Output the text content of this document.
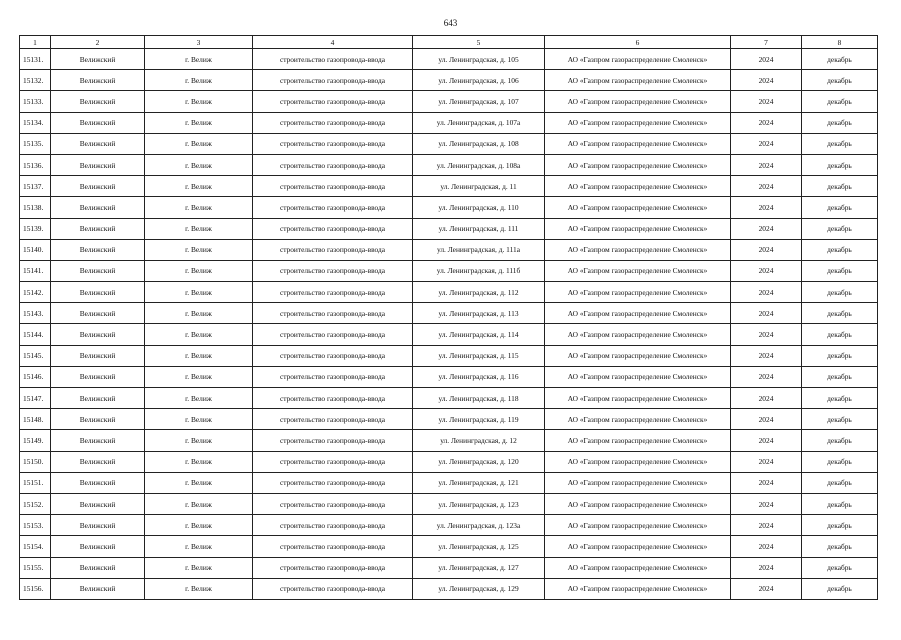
643
1	2	3	4	5	6	7	8
15131.	Велижский	г. Велиж	строительство газопровода-ввода	ул. Ленинградская, д. 105	АО «Газпром газораспределение Смоленск»	2024	декабрь
15132.	Велижский	г. Велиж	строительство газопровода-ввода	ул. Ленинградская, д. 106	АО «Газпром газораспределение Смоленск»	2024	декабрь
15133.	Велижский	г. Велиж	строительство газопровода-ввода	ул. Ленинградская, д. 107	АО «Газпром газораспределение Смоленск»	2024	декабрь
15134.	Велижский	г. Велиж	строительство газопровода-ввода	ул. Ленинградская, д. 107а	АО «Газпром газораспределение Смоленск»	2024	декабрь
15135.	Велижский	г. Велиж	строительство газопровода-ввода	ул. Ленинградская, д. 108	АО «Газпром газораспределение Смоленск»	2024	декабрь
15136.	Велижский	г. Велиж	строительство газопровода-ввода	ул. Ленинградская, д. 108а	АО «Газпром газораспределение Смоленск»	2024	декабрь
15137.	Велижский	г. Велиж	строительство газопровода-ввода	ул. Ленинградская, д. 11	АО «Газпром газораспределение Смоленск»	2024	декабрь
15138.	Велижский	г. Велиж	строительство газопровода-ввода	ул. Ленинградская, д. 110	АО «Газпром газораспределение Смоленск»	2024	декабрь
15139.	Велижский	г. Велиж	строительство газопровода-ввода	ул. Ленинградская, д. 111	АО «Газпром газораспределение Смоленск»	2024	декабрь
15140.	Велижский	г. Велиж	строительство газопровода-ввода	ул. Ленинградская, д. 111а	АО «Газпром газораспределение Смоленск»	2024	декабрь
15141.	Велижский	г. Велиж	строительство газопровода-ввода	ул. Ленинградская, д. 111б	АО «Газпром газораспределение Смоленск»	2024	декабрь
15142.	Велижский	г. Велиж	строительство газопровода-ввода	ул. Ленинградская, д. 112	АО «Газпром газораспределение Смоленск»	2024	декабрь
15143.	Велижский	г. Велиж	строительство газопровода-ввода	ул. Ленинградская, д. 113	АО «Газпром газораспределение Смоленск»	2024	декабрь
15144.	Велижский	г. Велиж	строительство газопровода-ввода	ул. Ленинградская, д. 114	АО «Газпром газораспределение Смоленск»	2024	декабрь
15145.	Велижский	г. Велиж	строительство газопровода-ввода	ул. Ленинградская, д. 115	АО «Газпром газораспределение Смоленск»	2024	декабрь
15146.	Велижский	г. Велиж	строительство газопровода-ввода	ул. Ленинградская, д. 116	АО «Газпром газораспределение Смоленск»	2024	декабрь
15147.	Велижский	г. Велиж	строительство газопровода-ввода	ул. Ленинградская, д. 118	АО «Газпром газораспределение Смоленск»	2024	декабрь
15148.	Велижский	г. Велиж	строительство газопровода-ввода	ул. Ленинградская, д. 119	АО «Газпром газораспределение Смоленск»	2024	декабрь
15149.	Велижский	г. Велиж	строительство газопровода-ввода	ул. Ленинградская, д. 12	АО «Газпром газораспределение Смоленск»	2024	декабрь
15150.	Велижский	г. Велиж	строительство газопровода-ввода	ул. Ленинградская, д. 120	АО «Газпром газораспределение Смоленск»	2024	декабрь
15151.	Велижский	г. Велиж	строительство газопровода-ввода	ул. Ленинградская, д. 121	АО «Газпром газораспределение Смоленск»	2024	декабрь
15152.	Велижский	г. Велиж	строительство газопровода-ввода	ул. Ленинградская, д. 123	АО «Газпром газораспределение Смоленск»	2024	декабрь
15153.	Велижский	г. Велиж	строительство газопровода-ввода	ул. Ленинградская, д. 123а	АО «Газпром газораспределение Смоленск»	2024	декабрь
15154.	Велижский	г. Велиж	строительство газопровода-ввода	ул. Ленинградская, д. 125	АО «Газпром газораспределение Смоленск»	2024	декабрь
15155.	Велижский	г. Велиж	строительство газопровода-ввода	ул. Ленинградская, д. 127	АО «Газпром газораспределение Смоленск»	2024	декабрь
15156.	Велижский	г. Велиж	строительство газопровода-ввода	ул. Ленинградская, д. 129	АО «Газпром газораспределение Смоленск»	2024	декабрь
